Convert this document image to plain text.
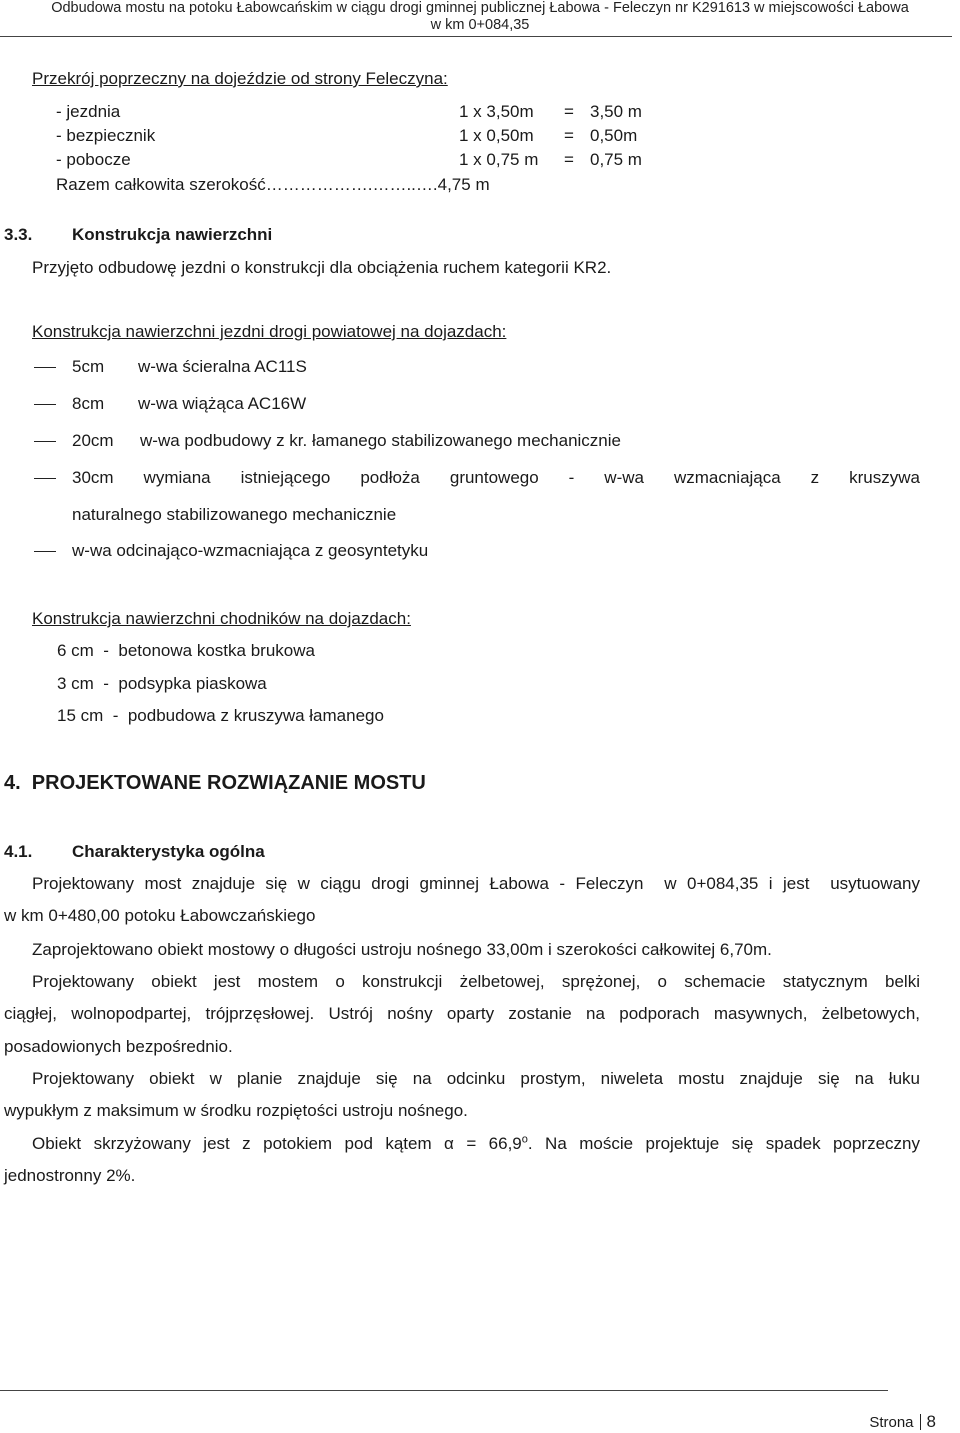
Odbudowa mostu na potoku Łabowcańskim w ciągu drogi gminnej publicznej Łabowa - Feleczyn nr K291613 w miejscowości Łabowa
w km 0+084,35
Przekrój poprzeczny na dojeździe od strony Feleczyna:
- jezdnia	1 x 3,50m = 3,50 m
- bezpiecznik	1 x 0,50m = 0,50m
- pobocze	1 x 0,75 m = 0,75 m
Razem całkowita szerokość……………….……..….4,75 m
3.3. Konstrukcja nawierzchni
Przyjęto odbudowę jezdni o konstrukcji dla obciążenia ruchem kategorii KR2.
Konstrukcja nawierzchni jezdni drogi powiatowej na dojazdach:
5cm w-wa ścieralna AC11S
8cm w-wa wiążąca AC16W
20cm w-wa podbudowy z kr. łamanego stabilizowanego mechanicznie
30cm wymiana istniejącego podłoża gruntowego - w-wa wzmacniająca z kruszywa
naturalnego stabilizowanego mechanicznie
w-wa odcinająco-wzmacniająca z geosyntetyku
Konstrukcja nawierzchni chodników na dojazdach:
6 cm  -  betonowa kostka brukowa
3 cm  -  podsypka piaskowa
15 cm  -  podbudowa z kruszywa łamanego
4.  PROJEKTOWANE ROZWIĄZANIE MOSTU
4.1. Charakterystyka ogólna
Projektowany most znajduje się w ciągu drogi gminnej Łabowa - Feleczyn  w 0+084,35 i jest  usytuowany
w km 0+480,00 potoku Łabowczańskiego
Zaprojektowano obiekt mostowy o długości ustroju nośnego 33,00m i szerokości całkowitej 6,70m.
Projektowany obiekt jest mostem o konstrukcji żelbetowej, sprężonej, o schemacie statycznym belki
ciągłej, wolnopodpartej, trójprzęsłowej. Ustrój nośny oparty zostanie na podporach masywnych, żelbetowych,
posadowionych bezpośrednio.
Projektowany obiekt w planie znajduje się na odcinku prostym, niweleta mostu znajduje się na łuku
wypukłym z maksimum w środku rozpiętości ustroju nośnego.
Obiekt skrzyżowany jest z potokiem pod kątem $\alpha = 66,9^o$. Na moście projektuje się spadek poprzeczny
jednostronny 2%.
Strona 8
